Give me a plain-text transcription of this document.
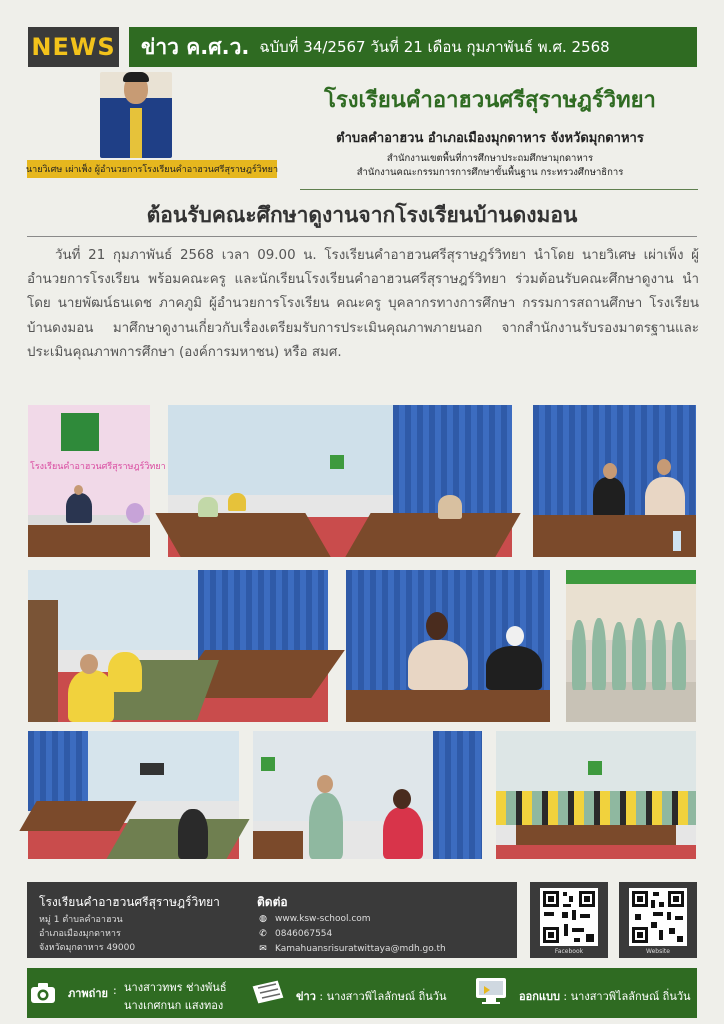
NEWS ข่าว ค.ศ.ว. ฉบับที่ 34/2567 วันที่ 21 เดือน กุมภาพันธ์ พ.ศ. 2568
นายวิเศษ เผ่าเพ็ง ผู้อำนวยการโรงเรียนคำอาฮวนศรีสุราษฎร์วิทยา
โรงเรียนคำอาฮวนศรีสุราษฎร์วิทยา
ตำบลคำอาฮวน อำเภอเมืองมุกดาหาร จังหวัดมุกดาหาร
สำนักงานเขตพื้นที่การศึกษาประถมศึกษามุกดาหาร
สำนักงานคณะกรรมการการศึกษาขั้นพื้นฐาน กระทรวงศึกษาธิการ
ต้อนรับคณะศึกษาดูงานจากโรงเรียนบ้านดงมอน
วันที่ 21 กุมภาพันธ์ 2568 เวลา 09.00 น. โรงเรียนคำอาฮวนศรีสุราษฎร์วิทยา นำโดย นายวิเศษ เผ่าเพ็ง ผู้อำนวยการโรงเรียน พร้อมคณะครู และนักเรียนโรงเรียนคำอาฮวนศรีสุราษฎร์วิทยา ร่วมต้อนรับคณะศึกษาดูงาน นำโดย นายพัฒน์ธนเดช ภาคภูมิ ผู้อำนวยการโรงเรียน คณะครู บุคลากรทางการศึกษา กรรมการสถานศึกษา โรงเรียนบ้านดงมอน มาศึกษาดูงานเกี่ยวกับเรื่องเตรียมรับการประเมินคุณภาพภายนอก จากสำนักงานรับรองมาตรฐานและประเมินคุณภาพการศึกษา (องค์การมหาชน) หรือ สมศ.
โรงเรียนคำอาฮวนศรีสุราษฎร์วิทยา
โรงเรียนคำอาฮวนศรีสุราษฎร์วิทยา
หมู่ 1 ตำบลคำอาฮวน
อำเภอเมืองมุกดาหาร
จังหวัดมุกดาหาร 49000
ติดต่อ
◍ www.ksw-school.com
✆ 0846067554
✉ Kamahuansrisuratwittaya@mdh.go.th	Facebook	Website
ภาพถ่าย : นางสาวทพร ช่างพันธ์
นางเกศกนก แสงทอง
ข่าว : นางสาวพิไลลักษณ์ ถิ่นวัน	ออกแบบ : นางสาวพิไลลักษณ์ ถิ่นวัน
